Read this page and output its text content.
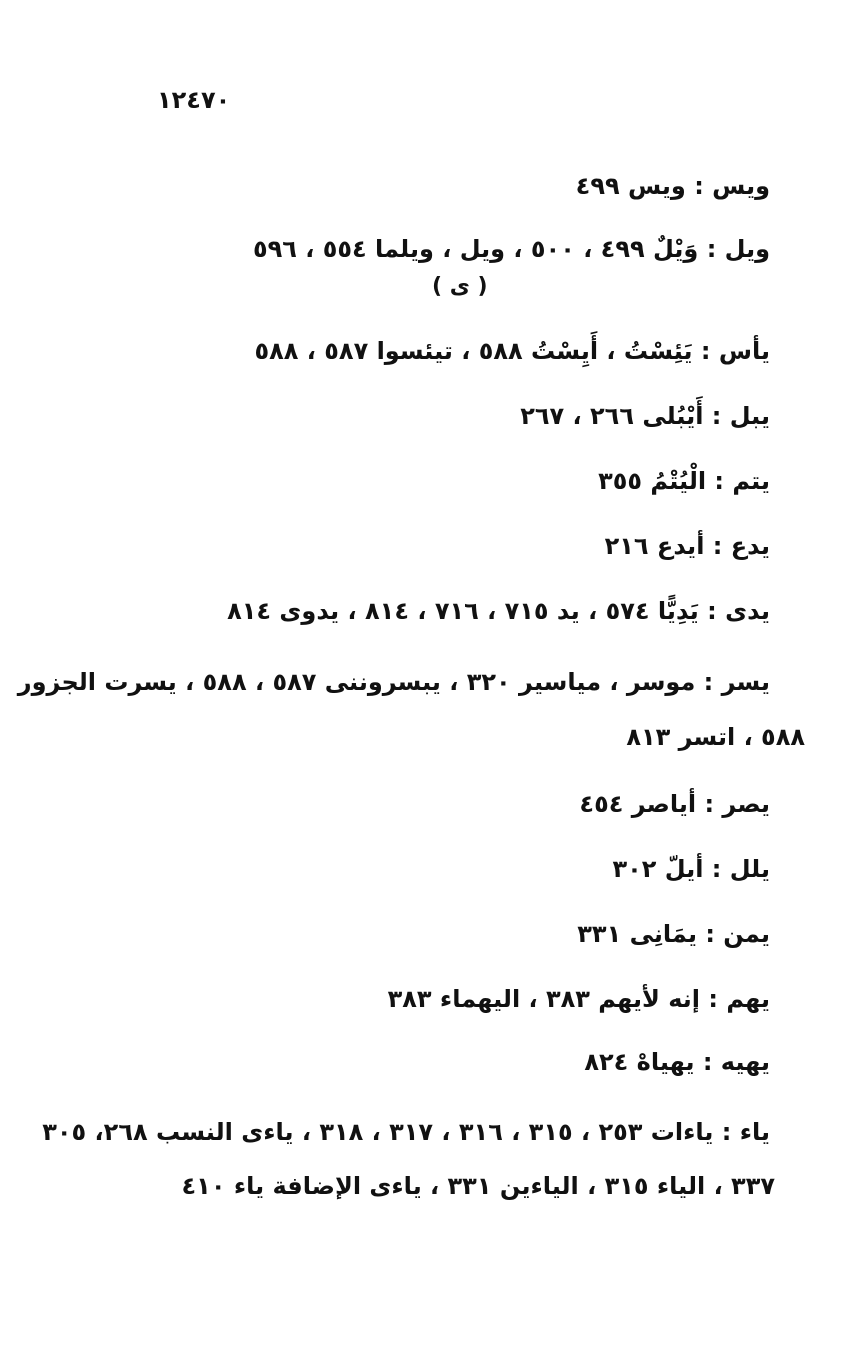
١٢٤٧٠
ويس : ويس ٤٩٩
ويل : وَيْلٌ ٤٩٩ ، ٥٠٠ ، ويل ، ويلما ٥٥٤ ، ٥٩٦
( ى )
يأس : يَئِسْتُ ، أَيِسْتُ ٥٨٨ ، تيئسوا ٥٨٧ ، ٥٨٨
يبل : أَيْبُلى ٢٦٦ ، ٢٦٧
يتم : الْيُتْمُ ٣٥٥
يدع : أيدع ٢١٦
يدى : يَدِيًّا ٥٧٤ ، يد ٧١٥ ، ٧١٦ ، ٨١٤ ، يدوى ٨١٤
يسر : موسر ، مياسير ٣٢٠ ، يبسروننى ٥٨٧ ، ٥٨٨ ، يسرت الجزور
٥٨٨ ، اتسر ٨١٣
يصر : أياصر ٤٥٤
يلل : أيلّ ٣٠٢
يمن : يمَانِى ٣٣١
يهم : إنه لأيهم ٣٨٣ ، اليهماء ٣٨٣
يهيه : يهياهْ ٨٢٤
ياء : ياءات ٢٥٣ ، ٣١٥ ، ٣١٦ ، ٣١٧ ، ٣١٨ ، ياءى النسب ٢٦٨، ٣٠٥
٣٣٧ ، الياء ٣١٥ ، الياءين ٣٣١ ، ياءى الإضافة ياء ٤١٠
